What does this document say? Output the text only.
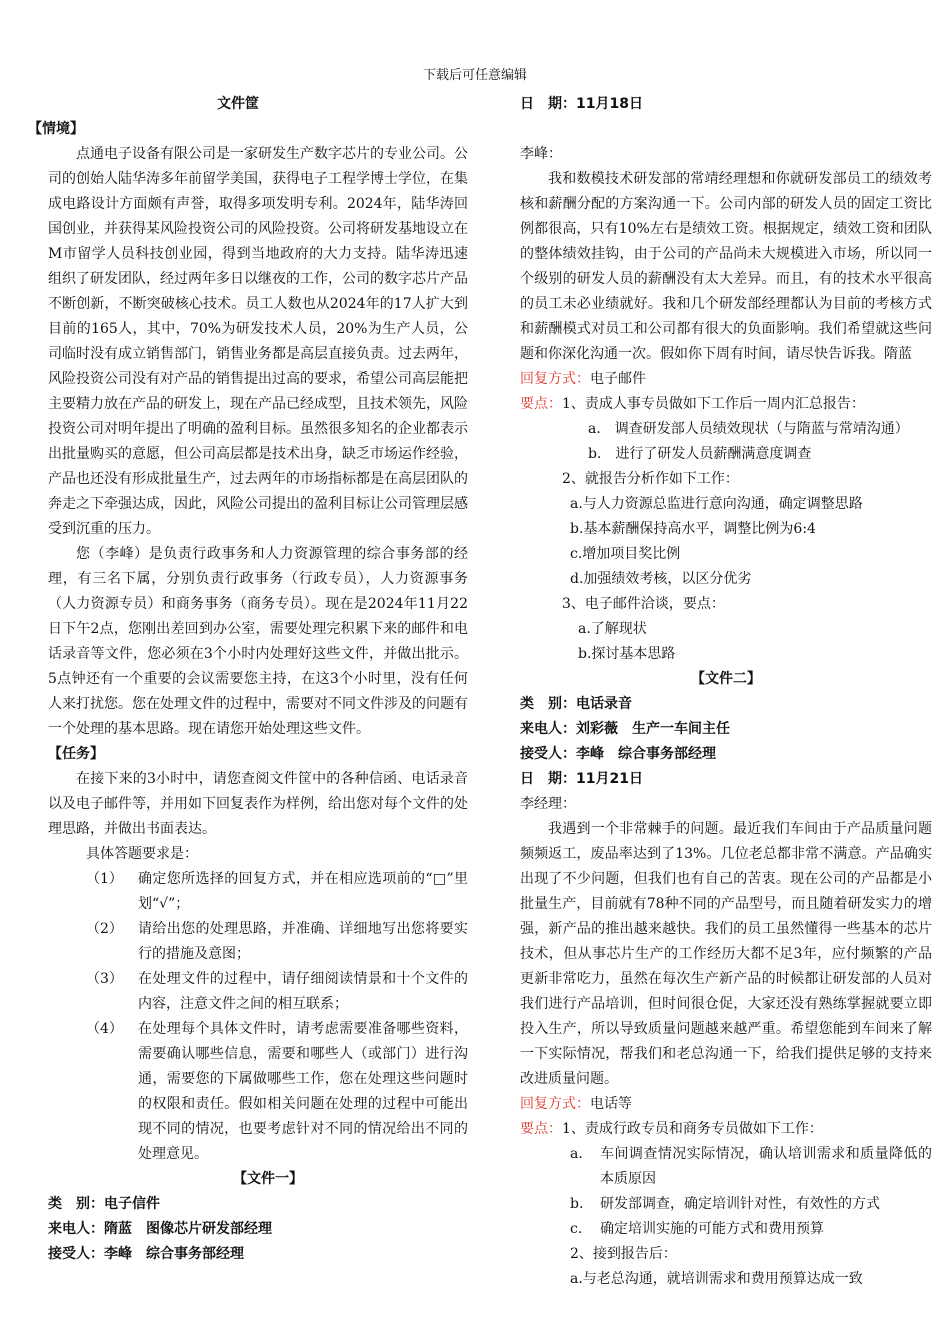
下载后可任意编辑
文件筐
【情境】

点通电子设备有限公司是一家研发生产数字芯片的专业公司。公司的创始人陆华涛多年前留学美国，获得电子工程学博士学位，在集成电路设计方面颇有声誉，取得多项发明专利。2024年，陆华涛回国创业，并获得某风险投资公司的风险投资。公司将研发基地设立在M市留学人员科技创业园，得到当地政府的大力支持。陆华涛迅速组织了研发团队，经过两年多日以继夜的工作，公司的数字芯片产品不断创新，不断突破核心技术。员工人数也从2024年的17人扩大到目前的165人，其中，70%为研发技术人员，20%为生产人员，公司临时没有成立销售部门，销售业务都是高层直接负责。过去两年，风险投资公司没有对产品的销售提出过高的要求，希望公司高层能把主要精力放在产品的研发上，现在产品已经成型，且技术领先，风险投资公司对明年提出了明确的盈利目标。虽然很多知名的企业都表示出批量购买的意愿，但公司高层都是技术出身，缺乏市场运作经验，产品也还没有形成批量生产，过去两年的市场指标都是在高层团队的奔走之下牵强达成，因此，风险公司提出的盈利目标让公司管理层感受到沉重的压力。

您（李峰）是负责行政事务和人力资源管理的综合事务部的经理，有三名下属，分别负责行政事务（行政专员），人力资源事务（人力资源专员）和商务事务（商务专员）。现在是2024年11月22日下午2点，您刚出差回到办公室，需要处理完积累下来的邮件和电话录音等文件，您必须在3个小时内处理好这些文件，并做出批示。5点钟还有一个重要的会议需要您主持，在这3个小时里，没有任何人来打扰您。您在处理文件的过程中，需要对不同文件涉及的问题有一个处理的基本思路。现在请您开始处理这些文件。

【任务】

在接下来的3小时中，请您查阅文件筐中的各种信函、电话录音以及电子邮件等，并用如下回复表作为样例，给出您对每个文件的处理思路，并做出书面表达。

具体答题要求是：

（1）	确定您所选择的回复方式，并在相应选项前的“□”里划“√”；
（2）	请给出您的处理思路，并准确、详细地写出您将要实行的措施及意图；
（3）	在处理文件的过程中，请仔细阅读情景和十个文件的内容，注意文件之间的相互联系；
（4）	在处理每个具体文件时，请考虑需要准备哪些资料，需要确认哪些信息，需要和哪些人（或部门）进行沟通，需要您的下属做哪些工作，您在处理这些问题时的权限和责任。假如相关问题在处理的过程中可能出现不同的情况，也要考虑针对不同的情况给出不同的处理意见。
【文件一】
类　别：电子信件
来电人：隋蓝　图像芯片研发部经理
接受人：李峰　综合事务部经理
日　期：11月18日

李峰：

我和数模技术研发部的常靖经理想和你就研发部员工的绩效考核和薪酬分配的方案沟通一下。公司内部的研发人员的固定工资比例都很高，只有10%左右是绩效工资。根据规定，绩效工资和团队的整体绩效挂钩，由于公司的产品尚未大规模进入市场，所以同一个级别的研发人员的薪酬没有太大差异。而且，有的技术水平很高的员工未必业绩就好。我和几个研发部经理都认为目前的考核方式和薪酬模式对员工和公司都有很大的负面影响。我们希望就这些问题和你深化沟通一次。假如你下周有时间，请尽快告诉我。隋蓝

回复方式：电子邮件
要点：1、责成人事专员做如下工作后一周内汇总报告：
a.　调查研发部人员绩效现状（与隋蓝与常靖沟通）
b.　进行了研发人员薪酬满意度调查
2、就报告分析作如下工作：
a.与人力资源总监进行意向沟通，确定调整思路
b.基本薪酬保持高水平，调整比例为6:4
c.增加项目奖比例
d.加强绩效考核，以区分优劣
3、电子邮件洽谈，要点：
a.了解现状
b.探讨基本思路
【文件二】
类　别：电话录音
来电人：刘彩薇　生产一车间主任
接受人：李峰　综合事务部经理
日　期：11月21日

李经理：

我遇到一个非常棘手的问题。最近我们车间由于产品质量问题频频返工，废品率达到了13%。几位老总都非常不满意。产品确实出现了不少问题，但我们也有自己的苦衷。现在公司的产品都是小批量生产，目前就有78种不同的产品型号，而且随着研发实力的增强，新产品的推出越来越快。我们的员工虽然懂得一些基本的芯片技术，但从事芯片生产的工作经历大都不足3年，应付频繁的产品更新非常吃力，虽然在每次生产新产品的时候都让研发部的人员对我们进行产品培训，但时间很仓促，大家还没有熟练掌握就要立即投入生产，所以导致质量问题越来越严重。希望您能到车间来了解一下实际情况，帮我们和老总沟通一下，给我们提供足够的支持来改进质量问题。

回复方式：电话等
要点：1、责成行政专员和商务专员做如下工作：
a.	车间调查情况实际情况，确认培训需求和质量降低的本质原因
b.	研发部调查，确定培训针对性，有效性的方式
c.	确定培训实施的可能方式和费用预算
2、接到报告后：
a.与老总沟通，就培训需求和费用预算达成一致
